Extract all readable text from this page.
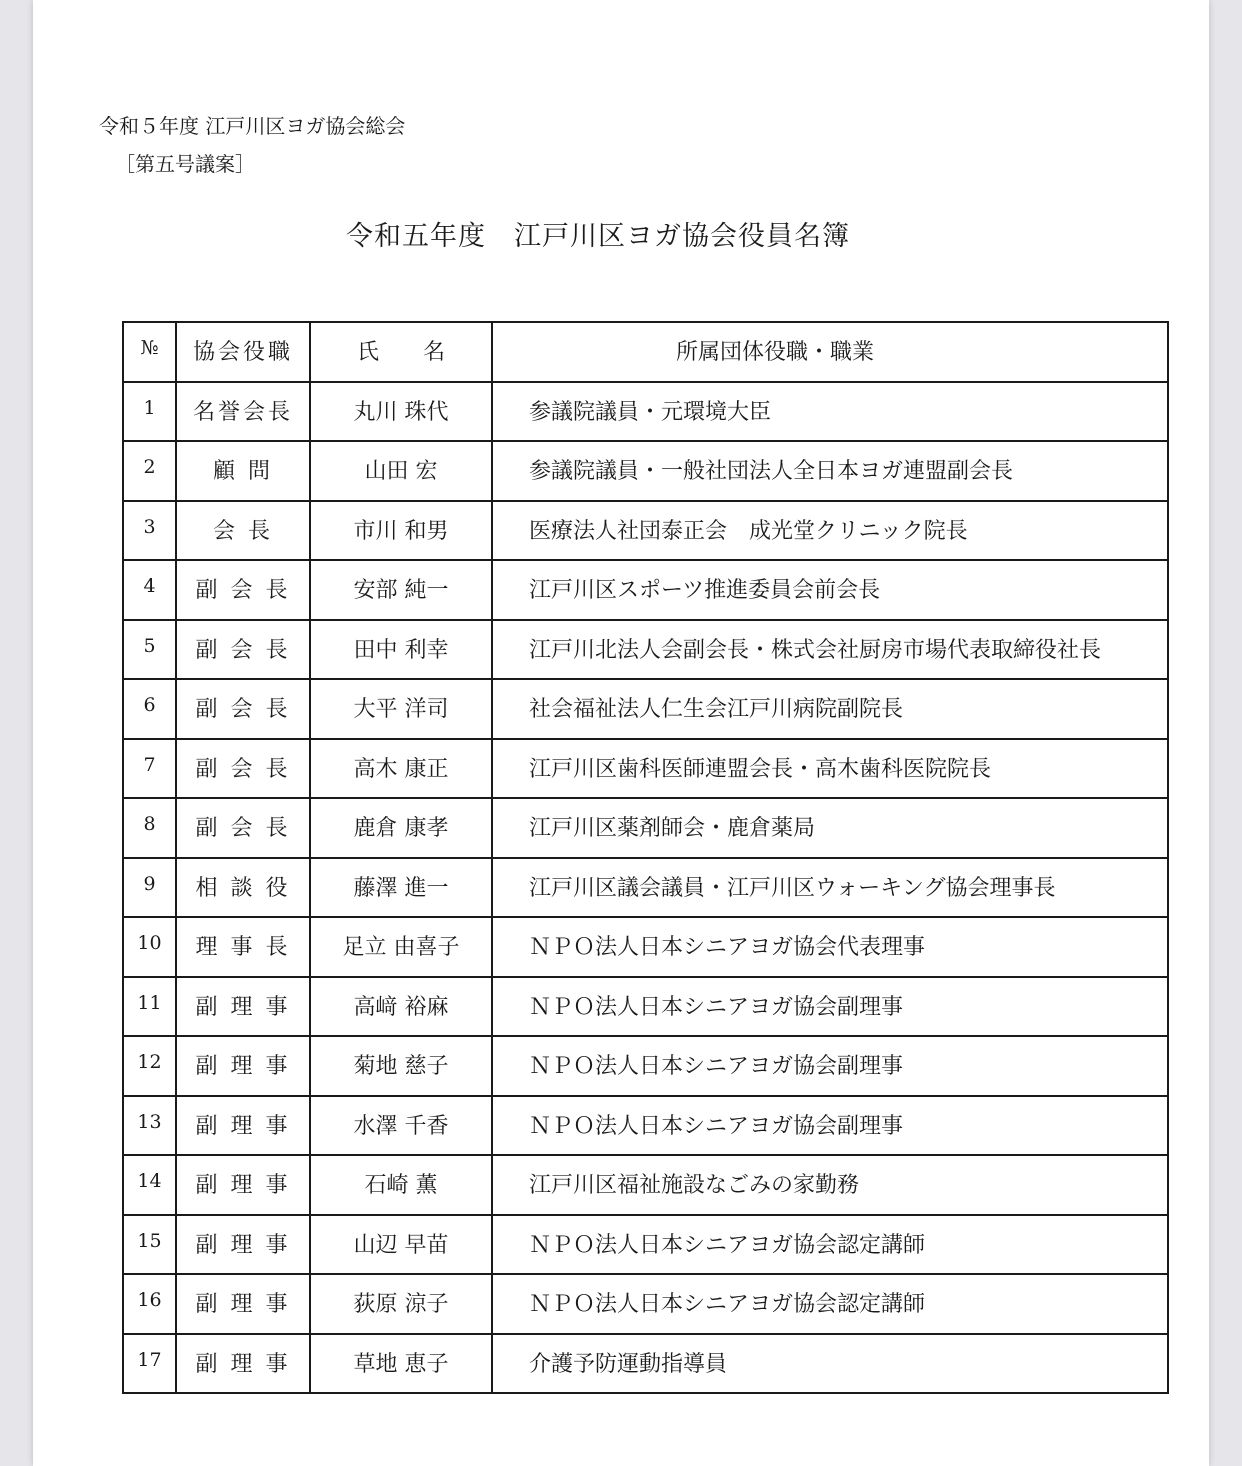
令和５年度 江戸川区ヨガ協会総会
［第五号議案］
令和五年度　江戸川区ヨガ協会役員名簿
№	協会役職	氏　　名	所属団体役職・職業
1	名誉会長	丸川 珠代	参議院議員・元環境大臣
2	顧 問	山田 宏	参議院議員・一般社団法人全日本ヨガ連盟副会長
3	会 長	市川 和男	医療法人社団泰正会　成光堂クリニック院長
4	副 会 長	安部 純一	江戸川区スポーツ推進委員会前会長
5	副 会 長	田中 利幸	江戸川北法人会副会長・株式会社厨房市場代表取締役社長
6	副 会 長	大平 洋司	社会福祉法人仁生会江戸川病院副院長
7	副 会 長	高木 康正	江戸川区歯科医師連盟会長・高木歯科医院院長
8	副 会 長	鹿倉 康孝	江戸川区薬剤師会・鹿倉薬局
9	相 談 役	藤澤 進一	江戸川区議会議員・江戸川区ウォーキング協会理事長
10	理 事 長	足立 由喜子	ＮＰＯ法人日本シニアヨガ協会代表理事
11	副 理 事	高﨑 裕麻	ＮＰＯ法人日本シニアヨガ協会副理事
12	副 理 事	菊地 慈子	ＮＰＯ法人日本シニアヨガ協会副理事
13	副 理 事	水澤 千香	ＮＰＯ法人日本シニアヨガ協会副理事
14	副 理 事	石崎 薫	江戸川区福祉施設なごみの家勤務
15	副 理 事	山辺 早苗	ＮＰＯ法人日本シニアヨガ協会認定講師
16	副 理 事	荻原 涼子	ＮＰＯ法人日本シニアヨガ協会認定講師
17	副 理 事	草地 恵子	介護予防運動指導員
